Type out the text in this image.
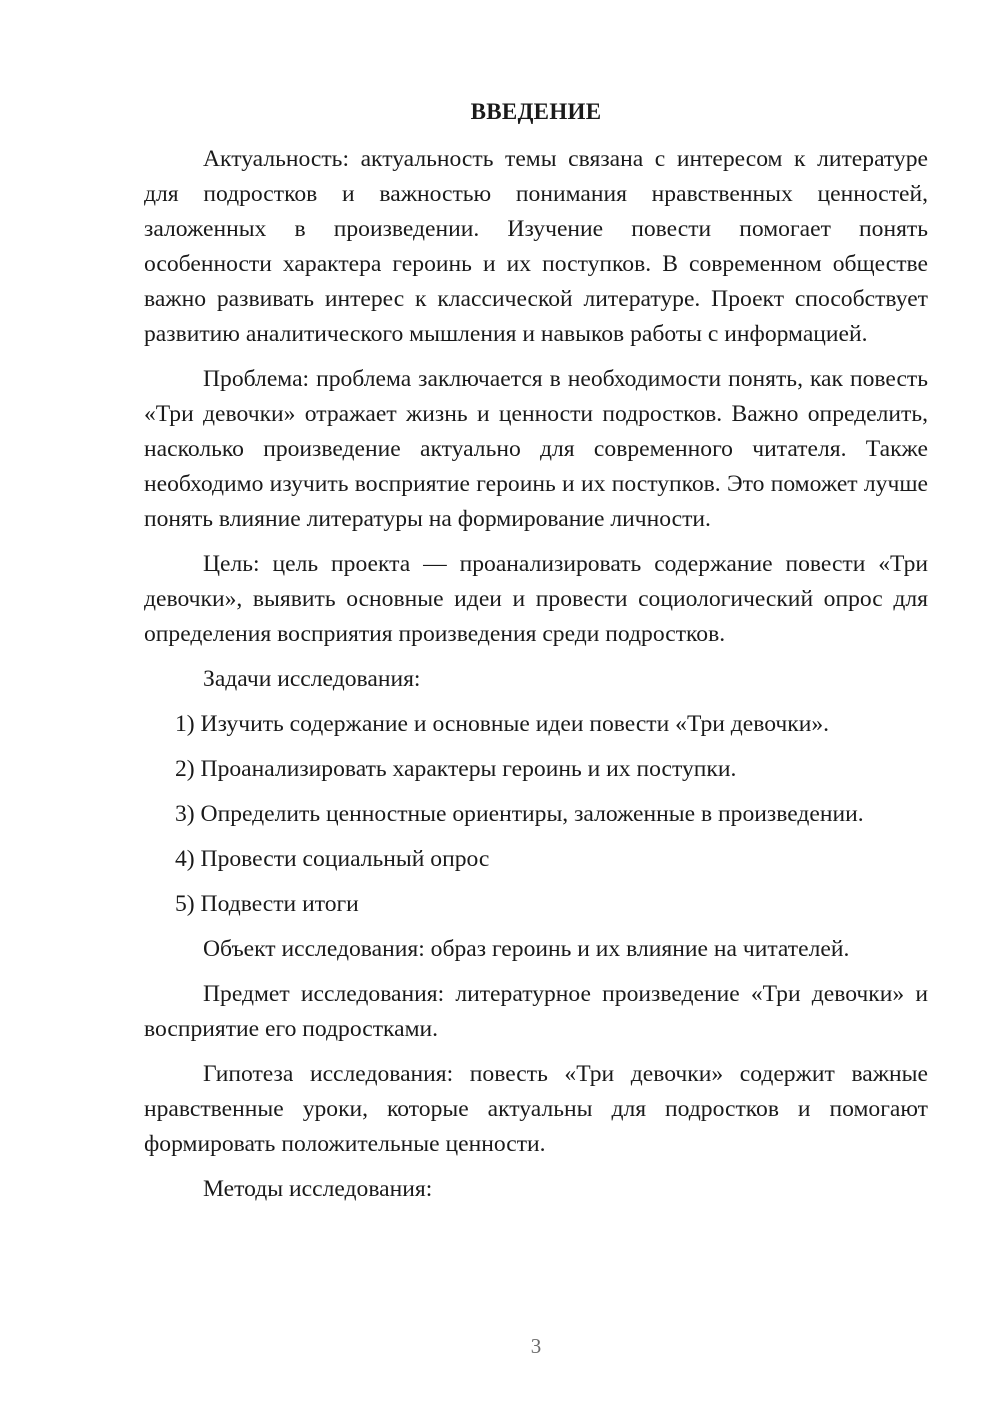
ВВЕДЕНИЕ

Актуальность: актуальность темы связана с интересом к литературе для подростков и важностью понимания нравственных ценностей, заложенных в произведении. Изучение повести помогает понять особенности характера героинь и их поступков. В современном обществе важно развивать интерес к классической литературе. Проект способствует развитию аналитического мышления и навыков работы с информацией.

Проблема: проблема заключается в необходимости понять, как повесть «Три девочки» отражает жизнь и ценности подростков. Важно определить, насколько произведение актуально для современного читателя. Также необходимо изучить восприятие героинь и их поступков. Это поможет лучше понять влияние литературы на формирование личности.

Цель: цель проекта — проанализировать содержание повести «Три девочки», выявить основные идеи и провести социологический опрос для определения восприятия произведения среди подростков.

Задачи исследования:

1) Изучить содержание и основные идеи повести «Три девочки».

2) Проанализировать характеры героинь и их поступки.

3) Определить ценностные ориентиры, заложенные в произведении.

4) Провести социальный опрос

5) Подвести итоги

Объект исследования: образ героинь и их влияние на читателей.

Предмет исследования: литературное произведение «Три девочки» и восприятие его подростками.

Гипотеза исследования: повесть «Три девочки» содержит важные нравственные уроки, которые актуальны для подростков и помогают формировать положительные ценности.

Методы исследования:

3
